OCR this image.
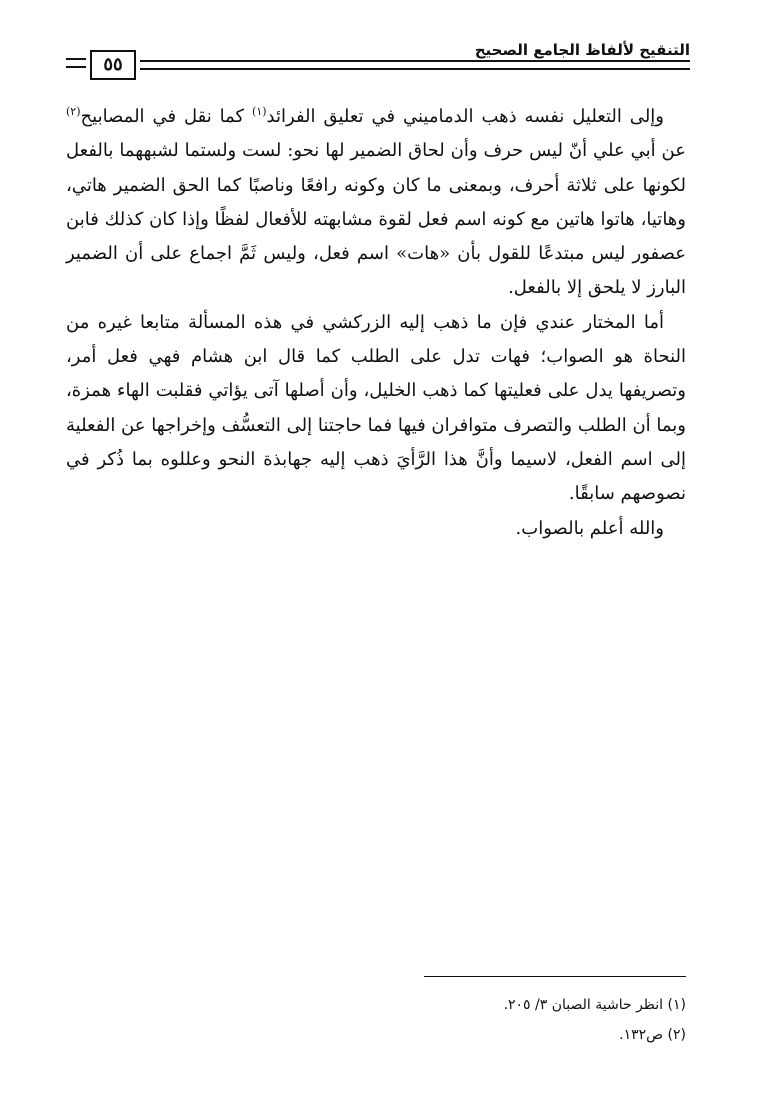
٥٥
التنقيح لألفاظ الجامع الصحيح

وإلى التعليل نفسه ذهب الدماميني في تعليق الفرائد$^{(١)}$ كما نقل في المصابيح$^{(٢)}$ عن أبي علي أنّ ليس حرف وأن لحاق الضمير لها نحو: لست ولستما لشبههما بالفعل لكونها على ثلاثة أحرف، وبمعنى ما كان وكونه رافعًا وناصبًا كما الحق الضمير هاتي، وهاتيا، هاتوا هاتين مع كونه اسم فعل لقوة مشابهته للأفعال لفظًا وإذا كان كذلك فابن عصفور ليس مبتدعًا للقول بأن «هات» اسم فعل، وليس ثَمَّ اجماع على أن الضمير البارز لا يلحق إلا بالفعل.

أما المختار عندي فإن ما ذهب إليه الزركشي في هذه المسألة متابعا غيره من النحاة هو الصواب؛ فهات تدل على الطلب كما قال ابن هشام فهي فعل أمر، وتصريفها يدل على فعليتها كما ذهب الخليل، وأن أصلها آتى يؤاتي فقلبت الهاء همزة، وبما أن الطلب والتصرف متوافران فيها فما حاجتنا إلى التعسُّف وإخراجها عن الفعلية إلى اسم الفعل، لاسيما وأنَّ هذا الرَّأيَ ذهب إليه جهابذة النحو وعللوه بما ذُكر في نصوصهم سابقًا.

والله أعلم بالصواب.

(١) انظر حاشية الصبان ٣/ ٢٠٥.
(٢) ص١٣٢.
